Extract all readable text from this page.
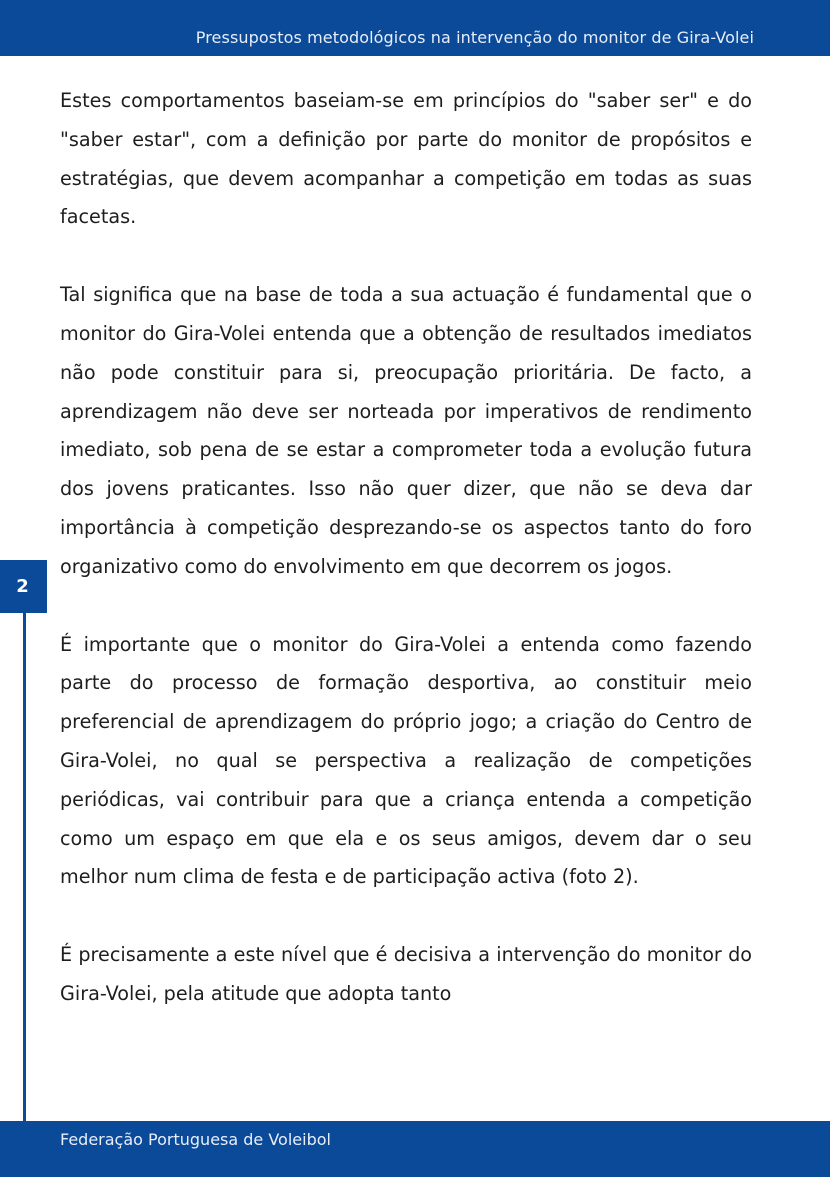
Pressupostos metodológicos na intervenção do monitor de Gira-Volei
2

Estes comportamentos baseiam-se em princípios do "saber ser" e do "saber estar", com a definição por parte do monitor de propósitos e estratégias, que devem acompanhar a competição em todas as suas facetas.

Tal significa que na base de toda a sua actuação é fundamental que o monitor do Gira-Volei entenda que a obtenção de resultados imediatos não pode constituir para si, preocupação prioritária. De facto, a aprendizagem não deve ser norteada por imperativos de rendimento imediato, sob pena de se estar a comprometer toda a evolução futura dos jovens praticantes. Isso não quer dizer, que não se deva dar importância à competição desprezando-se os aspectos tanto do foro organizativo como do envolvimento em que decorrem os jogos.

É importante que o monitor do Gira-Volei a entenda como fazendo parte do processo de formação desportiva, ao constituir meio preferencial de aprendizagem do próprio jogo; a criação do Centro de Gira-Volei, no qual se perspectiva a realização de competições periódicas, vai contribuir para que a criança entenda a competição como um espaço em que ela e os seus amigos, devem dar o seu melhor num clima de festa e de participação activa (foto 2).

É precisamente a este nível que é decisiva a intervenção do monitor do Gira-Volei, pela atitude que adopta tanto

Federação Portuguesa de Voleibol
